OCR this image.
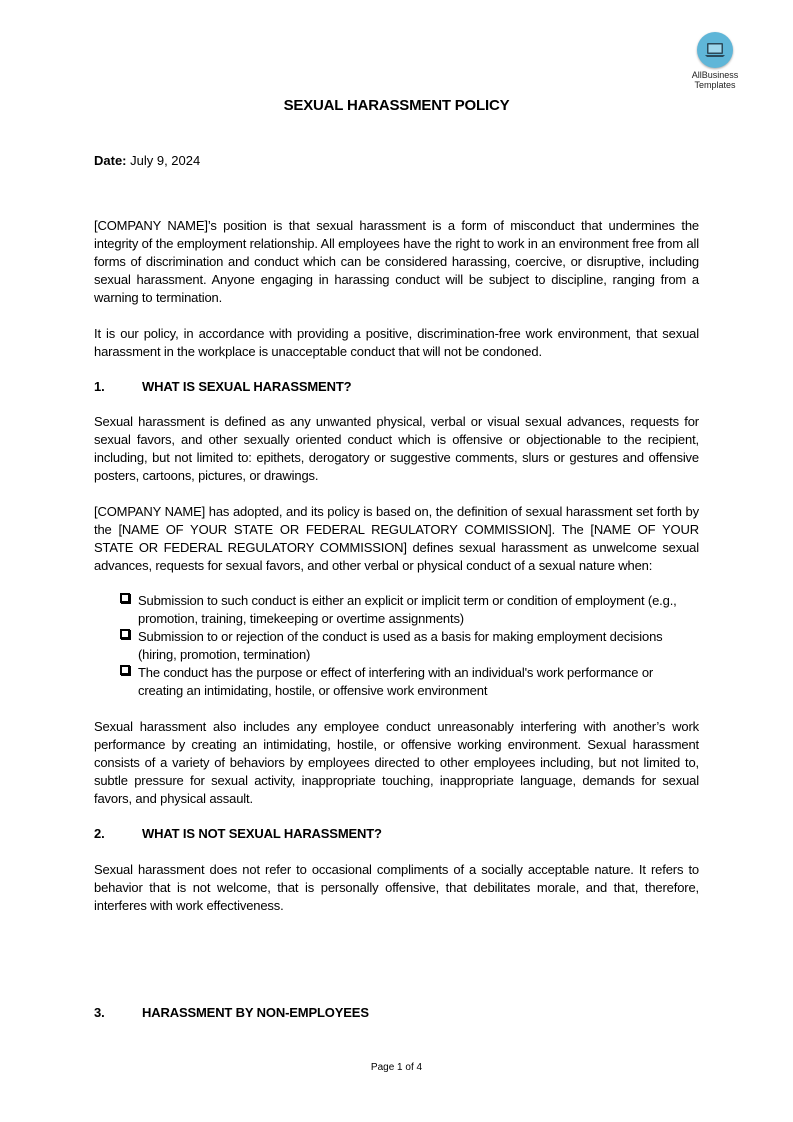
AllBusiness
Templates
SEXUAL HARASSMENT POLICY
Date: July 9, 2024
[COMPANY NAME]’s position is that sexual harassment is a form of misconduct that undermines the integrity of the employment relationship. All employees have the right to work in an environment free from all forms of discrimination and conduct which can be considered harassing, coercive, or disruptive, including sexual harassment. Anyone engaging in harassing conduct will be subject to discipline, ranging from a warning to termination.
It is our policy, in accordance with providing a positive, discrimination-free work environment, that sexual harassment in the workplace is unacceptable conduct that will not be condoned.
1.	WHAT IS SEXUAL HARASSMENT?
Sexual harassment is defined as any unwanted physical, verbal or visual sexual advances, requests for sexual favors, and other sexually oriented conduct which is offensive or objectionable to the recipient, including, but not limited to: epithets, derogatory or suggestive comments, slurs or gestures and offensive posters, cartoons, pictures, or drawings.
[COMPANY NAME] has adopted, and its policy is based on, the definition of sexual harassment set forth by the [NAME OF YOUR STATE OR FEDERAL REGULATORY COMMISSION]. The [NAME OF YOUR STATE OR FEDERAL REGULATORY COMMISSION] defines sexual harassment as unwelcome sexual advances, requests for sexual favors, and other verbal or physical conduct of a sexual nature when:
Submission to such conduct is either an explicit or implicit term or condition of employment (e.g., promotion, training, timekeeping or overtime assignments)
Submission to or rejection of the conduct is used as a basis for making employment decisions (hiring, promotion, termination)
The conduct has the purpose or effect of interfering with an individual's work performance or creating an intimidating, hostile, or offensive work environment
Sexual harassment also includes any employee conduct unreasonably interfering with another’s work performance by creating an intimidating, hostile, or offensive working environment. Sexual harassment consists of a variety of behaviors by employees directed to other employees including, but not limited to, subtle pressure for sexual activity, inappropriate touching, inappropriate language, demands for sexual favors, and physical assault.
2.	WHAT IS NOT SEXUAL HARASSMENT?
Sexual harassment does not refer to occasional compliments of a socially acceptable nature. It refers to behavior that is not welcome, that is personally offensive, that debilitates morale, and that, therefore, interferes with work effectiveness.
3.	HARASSMENT BY NON-EMPLOYEES
Page 1 of 4
